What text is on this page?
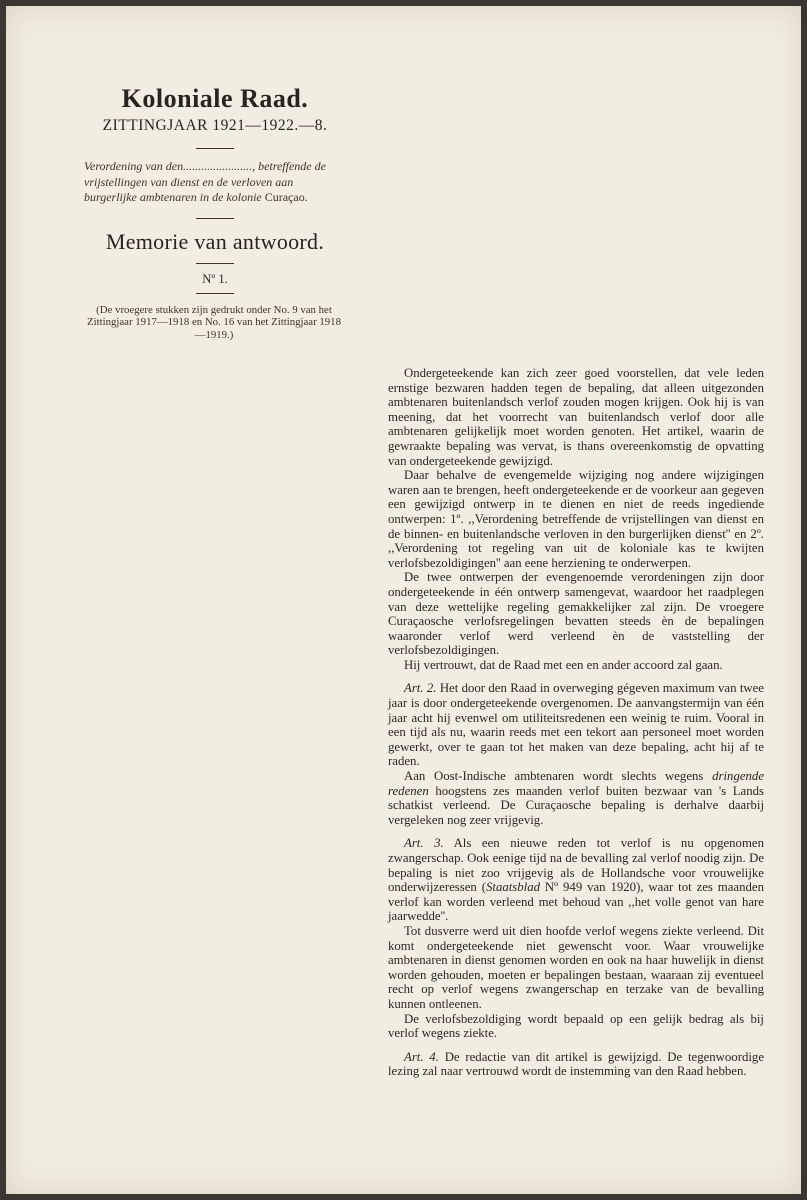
Koloniale Raad.
ZITTINGJAAR 1921—1922.—8.
Verordening van den......................., betreffende de vrijstellingen van dienst en de verloven aan burgerlijke ambtenaren in de kolonie Curaçao.
Memorie van antwoord.
Nº 1.
(De vroegere stukken zijn gedrukt onder No. 9 van het Zittingjaar 1917—1918 en No. 16 van het Zittingjaar 1918—1919.)

Ondergeteekende kan zich zeer goed voorstellen, dat vele leden ernstige bezwaren hadden tegen de bepaling, dat alleen uitgezonden ambtenaren buitenlandsch verlof zouden mogen krijgen. Ook hij is van meening, dat het voorrecht van buitenlandsch verlof door alle ambtenaren gelijkelijk moet worden genoten. Het artikel, waarin de gewraakte bepaling was vervat, is thans overeenkomstig de opvatting van ondergeteekende gewijzigd.

Daar behalve de evengemelde wijziging nog andere wijzigingen waren aan te brengen, heeft ondergeteekende er de voorkeur aan gegeven een gewijzigd ontwerp in te dienen en niet de reeds ingediende ontwerpen: 1º. ,,Verordening betreffende de vrijstellingen van dienst en de binnen- en buitenlandsche verloven in den burgerlijken dienst'' en 2º. ,,Verordening tot regeling van uit de koloniale kas te kwijten verlofsbezoldigingen'' aan eene herziening te onderwerpen.

De twee ontwerpen der evengenoemde verordeningen zijn door ondergeteekende in één ontwerp samengevat, waardoor het raadplegen van deze wettelijke regeling gemakkelijker zal zijn. De vroegere Curaçaosche verlofsregelingen bevatten steeds èn de bepalingen waaronder verlof werd verleend èn de vaststelling der verlofsbezoldigingen.

Hij vertrouwt, dat de Raad met een en ander accoord zal gaan.

Art. 2. Het door den Raad in overweging gégeven maximum van twee jaar is door ondergeteekende overgenomen. De aanvangstermijn van één jaar acht hij evenwel om utiliteitsredenen een weinig te ruim. Vooral in een tijd als nu, waarin reeds met een tekort aan personeel moet worden gewerkt, over te gaan tot het maken van deze bepaling, acht hij af te raden.

Aan Oost-Indische ambtenaren wordt slechts wegens dringende redenen hoogstens zes maanden verlof buiten bezwaar van 's Lands schatkist verleend. De Curaçaosche bepaling is derhalve daarbij vergeleken nog zeer vrijgevig.

Art. 3. Als een nieuwe reden tot verlof is nu opgenomen zwangerschap. Ook eenige tijd na de bevalling zal verlof noodig zijn. De bepaling is niet zoo vrijgevig als de Hollandsche voor vrouwelijke onderwijzeressen (Staatsblad Nº 949 van 1920), waar tot zes maanden verlof kan worden verleend met behoud van ,,het volle genot van hare jaarwedde''.

Tot dusverre werd uit dien hoofde verlof wegens ziekte verleend. Dit komt ondergeteekende niet gewenscht voor. Waar vrouwelijke ambtenaren in dienst genomen worden en ook na haar huwelijk in dienst worden gehouden, moeten er bepalingen bestaan, waaraan zij eventueel recht op verlof wegens zwangerschap en terzake van de bevalling kunnen ontleenen.

De verlofsbezoldiging wordt bepaald op een gelijk bedrag als bij verlof wegens ziekte.

Art. 4. De redactie van dit artikel is gewijzigd. De tegenwoordige lezing zal naar vertrouwd wordt de instemming van den Raad hebben.
